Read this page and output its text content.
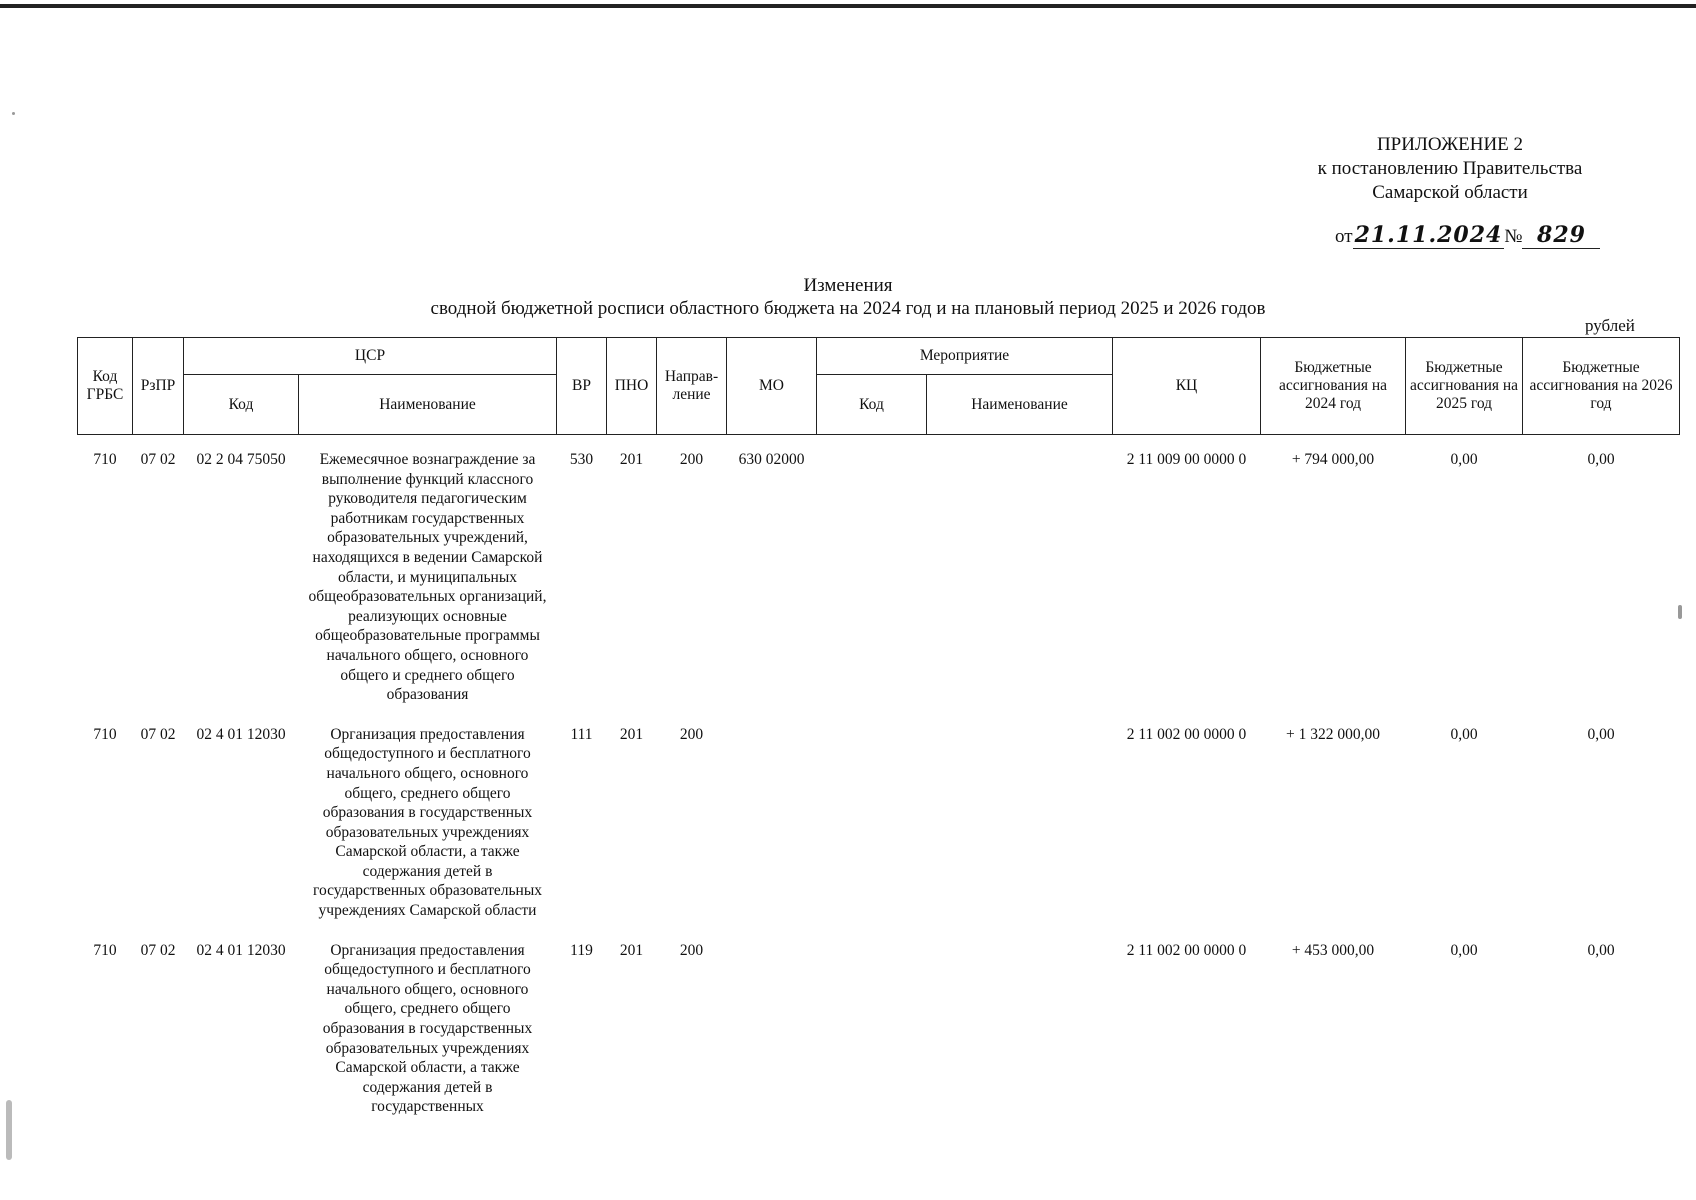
ПРИЛОЖЕНИЕ 2
к постановлению Правительства
Самарской области
от21.11.2024 № 829
Изменения
сводной бюджетной росписи областного бюджета на 2024 год и на плановый период 2025 и 2026 годов
рублей
Код ГРБС	РзПР	ЦСР		ВР	ПНО	Направ-ление	МО	Мероприятие		КЦ	Бюджетные ассигнования на 2024 год	Бюджетные ассигнования на 2025 год	Бюджетные ассигнования на 2026 год
		Код	Наименование					Код	Наименование				

710	07 02	02 2 04 75050	Ежемесячное вознаграждение за выполнение функций классного руководителя педагогическим работникам государственных образовательных учреждений, находящихся в ведении Самарской области, и муниципальных общеобразовательных организаций, реализующих основные общеобразовательные программы начального общего, основного общего и среднего общего образования	530	201	200	630 02000			2 11 009 00 0000 0	+ 794 000,00	0,00	0,00

710	07 02	02 4 01 12030	Организация предоставления общедоступного и бесплатного начального общего, основного общего, среднего общего образования в государственных образовательных учреждениях Самарской области, а также содержания детей в государственных образовательных учреждениях Самарской области	111	201	200				2 11 002 00 0000 0	+ 1 322 000,00	0,00	0,00

710	07 02	02 4 01 12030	Организация предоставления общедоступного и бесплатного начального общего, основного общего, среднего общего образования в государственных образовательных учреждениях Самарской области, а также содержания детей в государственных	119	201	200				2 11 002 00 0000 0	+ 453 000,00	0,00	0,00
